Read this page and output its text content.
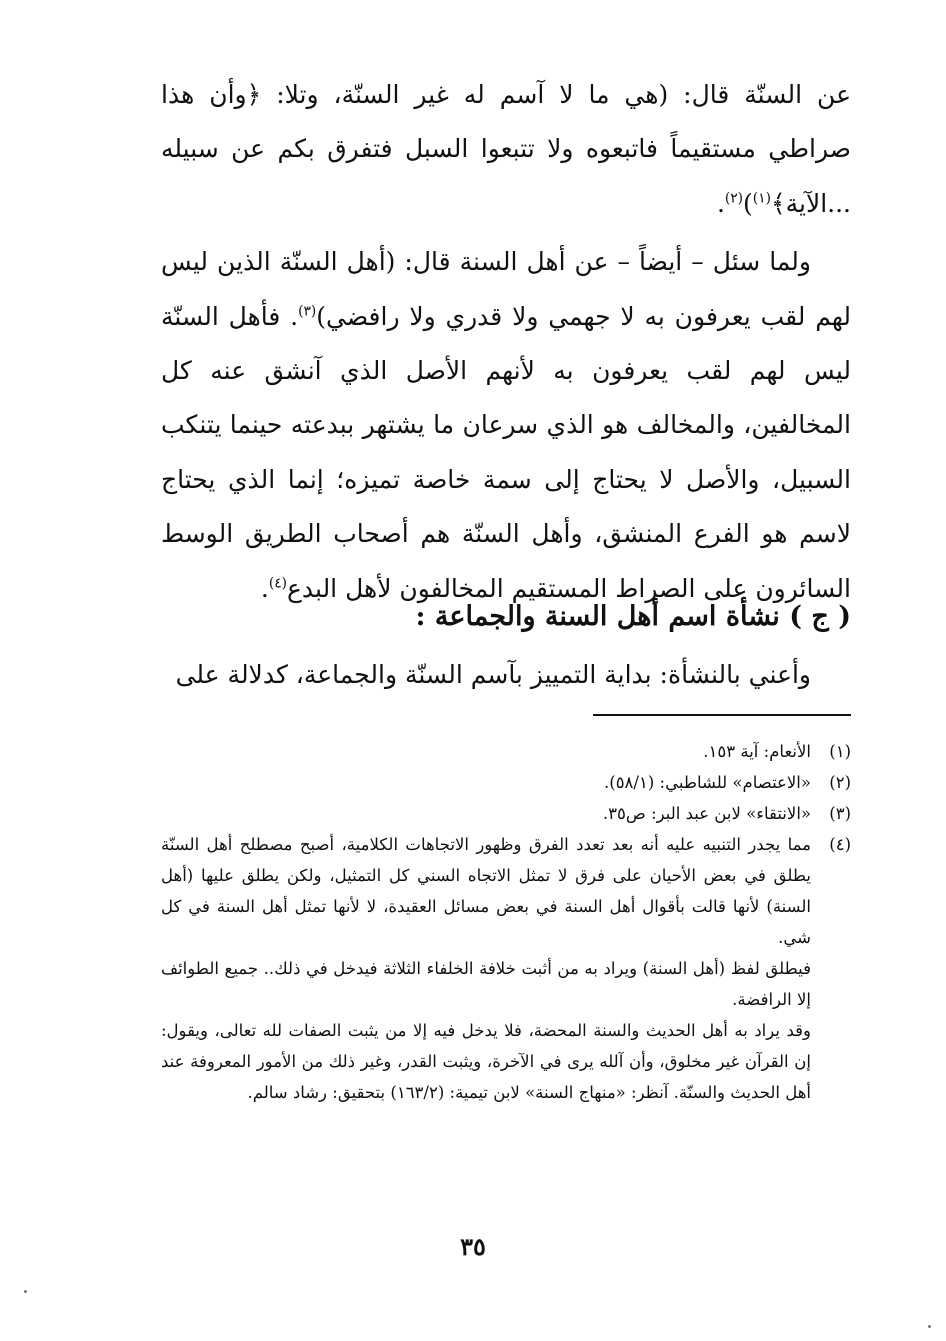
عن السنّة قال: (هي ما لا آسم له غير السنّة، وتلا: ﴿وأن هذا صراطي مستقيماً فاتبعوه ولا تتبعوا السبل فتفرق بكم عن سبيله ...الآية﴾$^{(١)}$)$^{(٢)}$.

ولما سئل – أيضاً – عن أهل السنة قال: (أهل السنّة الذين ليس لهم لقب يعرفون به لا جهمي ولا قدري ولا رافضي)$^{(٣)}$. فأهل السنّة ليس لهم لقب يعرفون به لأنهم الأصل الذي آنشق عنه كل المخالفين، والمخالف هو الذي سرعان ما يشتهر ببدعته حينما يتنكب السبيل، والأصل لا يحتاج إلى سمة خاصة تميزه؛ إنما الذي يحتاج لاسم هو الفرع المنشق، وأهل السنّة هم أصحاب الطريق الوسط السائرون على الصراط المستقيم المخالفون لأهل البدع$^{(٤)}$.

( ج ) نشأة اسم أهل السنة والجماعة :
وأعني بالنشأة: بداية التمييز بآسم السنّة والجماعة، كدلالة على
(١)

الأنعام: آية ١٥٣.

(٢)

«الاعتصام» للشاطبي: (٥٨/١).

(٣)

«الانتقاء» لابن عبد البر: ص٣٥.

(٤)

مما يجدر التنبيه عليه أنه بعد تعدد الفرق وظهور الاتجاهات الكلامية، أصبح مصطلح أهل السنّة يطلق في بعض الأحيان على فرق لا تمثل الاتجاه السني كل التمثيل، ولكن يطلق عليها (أهل السنة) لأنها قالت بأقوال أهل السنة في بعض مسائل العقيدة، لا لأنها تمثل أهل السنة في كل شي.

فيطلق لفظ (أهل السنة) ويراد به من أثبت خلافة الخلفاء الثلاثة فيدخل في ذلك.. جميع الطوائف إلا الرافضة.

وقد يراد به أهل الحديث والسنة المحضة، فلا يدخل فيه إلا من يثبت الصفات لله تعالى، ويقول: إن القرآن غير مخلوق، وأن آلله يرى في الآخرة، ويثبت القدر، وغير ذلك من الأمور المعروفة عند أهل الحديث والسنّة. آنظر: «منهاج السنة» لابن تيمية: (١٦٣/٢) بتحقيق: رشاد سالم.

٣٥
